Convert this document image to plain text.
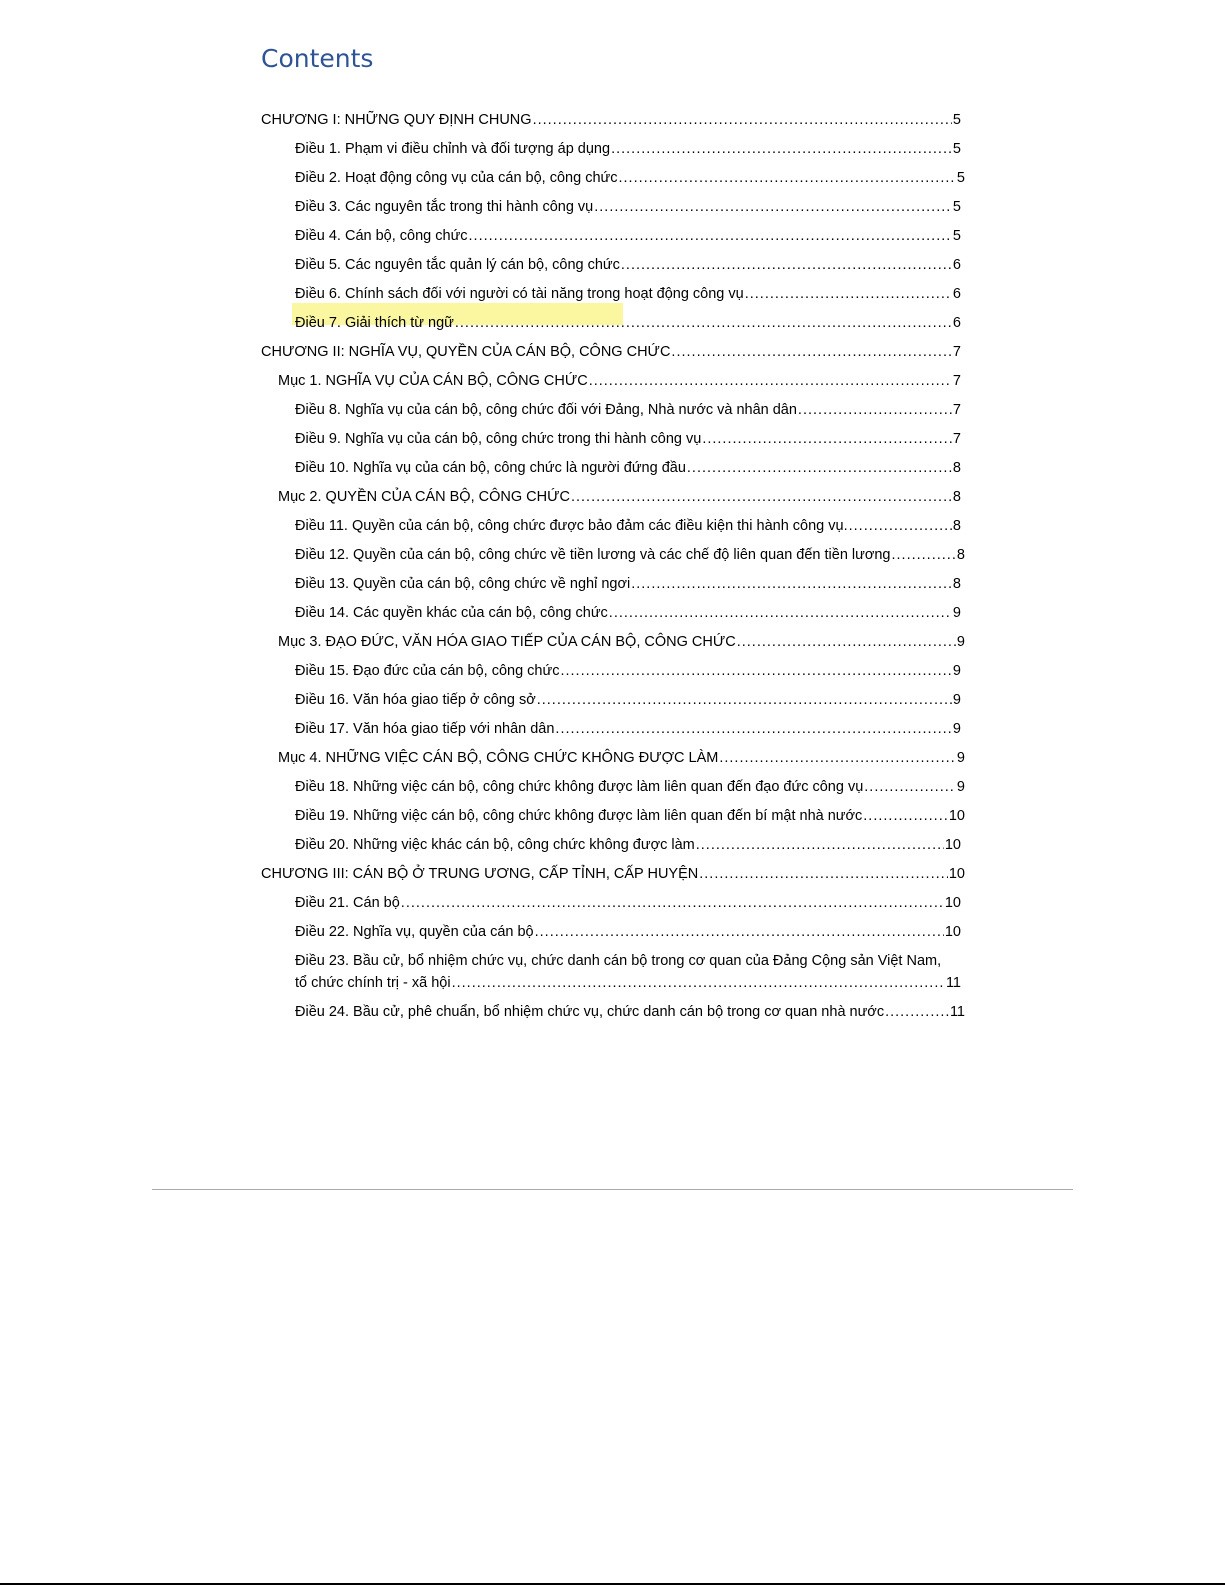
Contents
CHƯƠNG I: NHỮNG QUY ĐỊNH CHUNG .....	5
Điều 1. Phạm vi điều chỉnh và đối tượng áp dụng .....	5
Điều 2. Hoạt động công vụ của cán bộ, công chức .....	5
Điều 3. Các nguyên tắc trong thi hành công vụ .....	5
Điều 4. Cán bộ, công chức .....	5
Điều 5. Các nguyên tắc quản lý cán bộ, công chức .....	6
Điều 6. Chính sách đối với người có tài năng trong hoạt động công vụ .....	6
Điều 7. Giải thích từ ngữ .....	6
CHƯƠNG II: NGHĨA VỤ, QUYỀN CỦA CÁN BỘ, CÔNG CHỨC .....	7
Mục 1. NGHĨA VỤ CỦA CÁN BỘ, CÔNG CHỨC .....	7
Điều 8. Nghĩa vụ của cán bộ, công chức đối với Đảng, Nhà nước và nhân dân .....	7
Điều 9. Nghĩa vụ của cán bộ, công chức trong thi hành công vụ .....	7
Điều 10. Nghĩa vụ của cán bộ, công chức là người đứng đầu .....	8
Mục 2. QUYỀN CỦA CÁN BỘ, CÔNG CHỨC .....	8
Điều 11. Quyền của cán bộ, công chức được bảo đảm các điều kiện thi hành công vụ. .....	8
Điều 12. Quyền của cán bộ, công chức về tiền lương và các chế độ liên quan đến tiền lương .....	8
Điều 13. Quyền của cán bộ, công chức về nghỉ ngơi .....	8
Điều 14. Các quyền khác của cán bộ, công chức .....	9
Mục 3. ĐẠO ĐỨC, VĂN HÓA GIAO TIẾP CỦA CÁN BỘ, CÔNG CHỨC .....	9
Điều 15. Đạo đức của cán bộ, công chức .....	9
Điều 16. Văn hóa giao tiếp ở công sở .....	9
Điều 17. Văn hóa giao tiếp với nhân dân .....	9
Mục 4. NHỮNG VIỆC CÁN BỘ, CÔNG CHỨC KHÔNG ĐƯỢC LÀM .....	9
Điều 18. Những việc cán bộ, công chức không được làm liên quan đến đạo đức công vụ .....	9
Điều 19. Những việc cán bộ, công chức không được làm liên quan đến bí mật nhà nước .....	10
Điều 20. Những việc khác cán bộ, công chức không được làm .....	10
CHƯƠNG III: CÁN BỘ Ở TRUNG ƯƠNG, CẤP TỈNH, CẤP HUYỆN .....	10
Điều 21. Cán bộ .....	10
Điều 22. Nghĩa vụ, quyền của cán bộ .....	10
Điều 23. Bầu cử, bổ nhiệm chức vụ, chức danh cán bộ trong cơ quan của Đảng Cộng sản Việt Nam,
tổ chức chính trị - xã hội .....	11
Điều 24. Bầu cử, phê chuẩn, bổ nhiệm chức vụ, chức danh cán bộ trong cơ quan nhà nước .....	11
